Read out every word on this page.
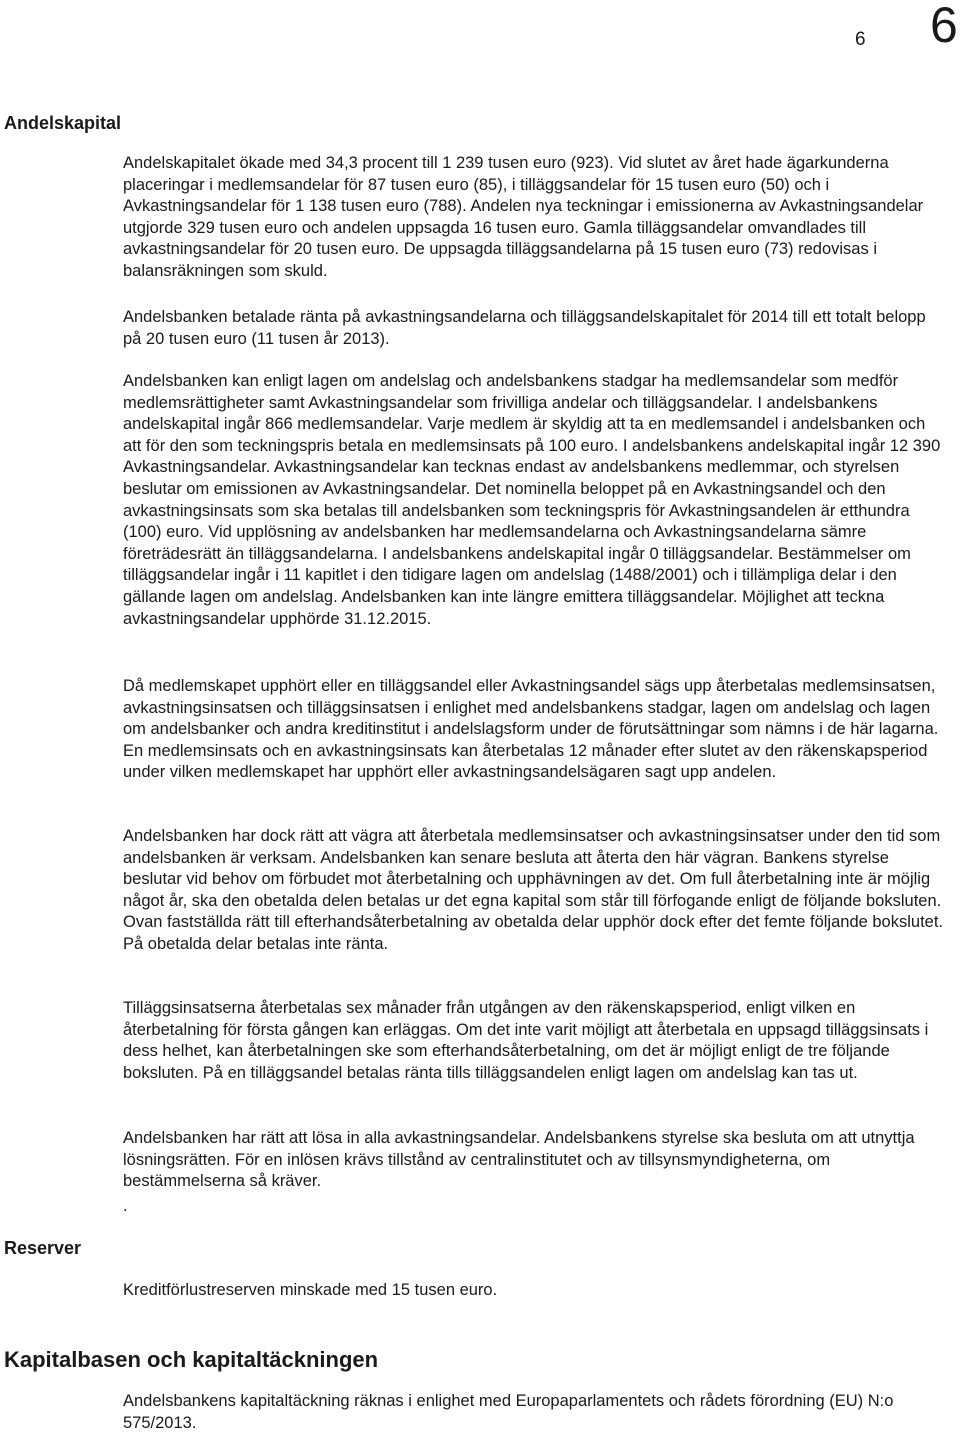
6 6
Andelskapital

Andelskapitalet ökade med 34,3 procent till 1 239 tusen euro (923). Vid slutet av året hade ägarkunderna placeringar i medlemsandelar för 87 tusen euro (85), i tilläggsandelar för 15 tusen euro (50) och i Avkastningsandelar för 1 138 tusen euro (788). Andelen nya teckningar i emissionerna av Avkastningsandelar utgjorde 329 tusen euro och andelen uppsagda 16 tusen euro. Gamla tilläggsandelar omvandlades till avkastningsandelar för 20 tusen euro. De uppsagda tilläggsandelarna på 15 tusen euro (73) redovisas i balansräkningen som skuld.

Andelsbanken betalade ränta på avkastningsandelarna och tilläggsandelskapitalet för 2014 till ett totalt belopp på 20 tusen euro (11 tusen år 2013).

Andelsbanken kan enligt lagen om andelslag och andelsbankens stadgar ha medlemsandelar som medför medlemsrättigheter samt Avkastningsandelar som frivilliga andelar och tilläggsandelar. I andelsbankens andelskapital ingår 866 medlemsandelar. Varje medlem är skyldig att ta en medlemsandel i andelsbanken och att för den som teckningspris betala en medlemsinsats på 100 euro. I andelsbankens andelskapital ingår 12 390 Avkastningsandelar. Avkastningsandelar kan tecknas endast av andelsbankens medlemmar, och styrelsen beslutar om emissionen av Avkastningsandelar. Det nominella beloppet på en Avkastningsandel och den avkastningsinsats som ska betalas till andelsbanken som teckningspris för Avkastningsandelen är etthundra (100) euro. Vid upplösning av andelsbanken har medlemsandelarna och Avkastningsandelarna sämre företrädesrätt än tilläggsandelarna. I andelsbankens andelskapital ingår 0 tilläggsandelar. Bestämmelser om tilläggsandelar ingår i 11 kapitlet i den tidigare lagen om andelslag (1488/2001) och i tillämpliga delar i den gällande lagen om andelslag. Andelsbanken kan inte längre emittera tilläggsandelar. Möjlighet att teckna avkastningsandelar upphörde 31.12.2015.

Då medlemskapet upphört eller en tilläggsandel eller Avkastningsandel sägs upp återbetalas medlemsinsatsen, avkastningsinsatsen och tilläggsinsatsen i enlighet med andelsbankens stadgar, lagen om andelslag och lagen om andelsbanker och andra kreditinstitut i andelslagsform under de förutsättningar som nämns i de här lagarna. En medlemsinsats och en avkastningsinsats kan återbetalas 12 månader efter slutet av den räkenskapsperiod under vilken medlemskapet har upphört eller avkastningsandelsägaren sagt upp andelen.

Andelsbanken har dock rätt att vägra att återbetala medlemsinsatser och avkastningsinsatser under den tid som andelsbanken är verksam. Andelsbanken kan senare besluta att återta den här vägran. Bankens styrelse beslutar vid behov om förbudet mot återbetalning och upphävningen av det. Om full återbetalning inte är möjlig något år, ska den obetalda delen betalas ur det egna kapital som står till förfogande enligt de följande boksluten. Ovan fastställda rätt till efterhandsåterbetalning av obetalda delar upphör dock efter det femte följande bokslutet. På obetalda delar betalas inte ränta.

Tilläggsinsatserna återbetalas sex månader från utgången av den räkenskapsperiod, enligt vilken en återbetalning för första gången kan erläggas. Om det inte varit möjligt att återbetala en uppsagd tilläggsinsats i dess helhet, kan återbetalningen ske som efterhandsåterbetalning, om det är möjligt enligt de tre följande boksluten. På en tilläggsandel betalas ränta tills tilläggsandelen enligt lagen om andelslag kan tas ut.

Andelsbanken har rätt att lösa in alla avkastningsandelar. Andelsbankens styrelse ska besluta om att utnyttja lösningsrätten. För en inlösen krävs tillstånd av centralinstitutet och av tillsynsmyndigheterna, om bestämmelserna så kräver.

.

Reserver

Kreditförlustreserven minskade med 15 tusen euro.

Kapitalbasen och kapitaltäckningen

Andelsbankens kapitaltäckning räknas i enlighet med Europaparlamentets och rådets förordning (EU) N:o 575/2013.
